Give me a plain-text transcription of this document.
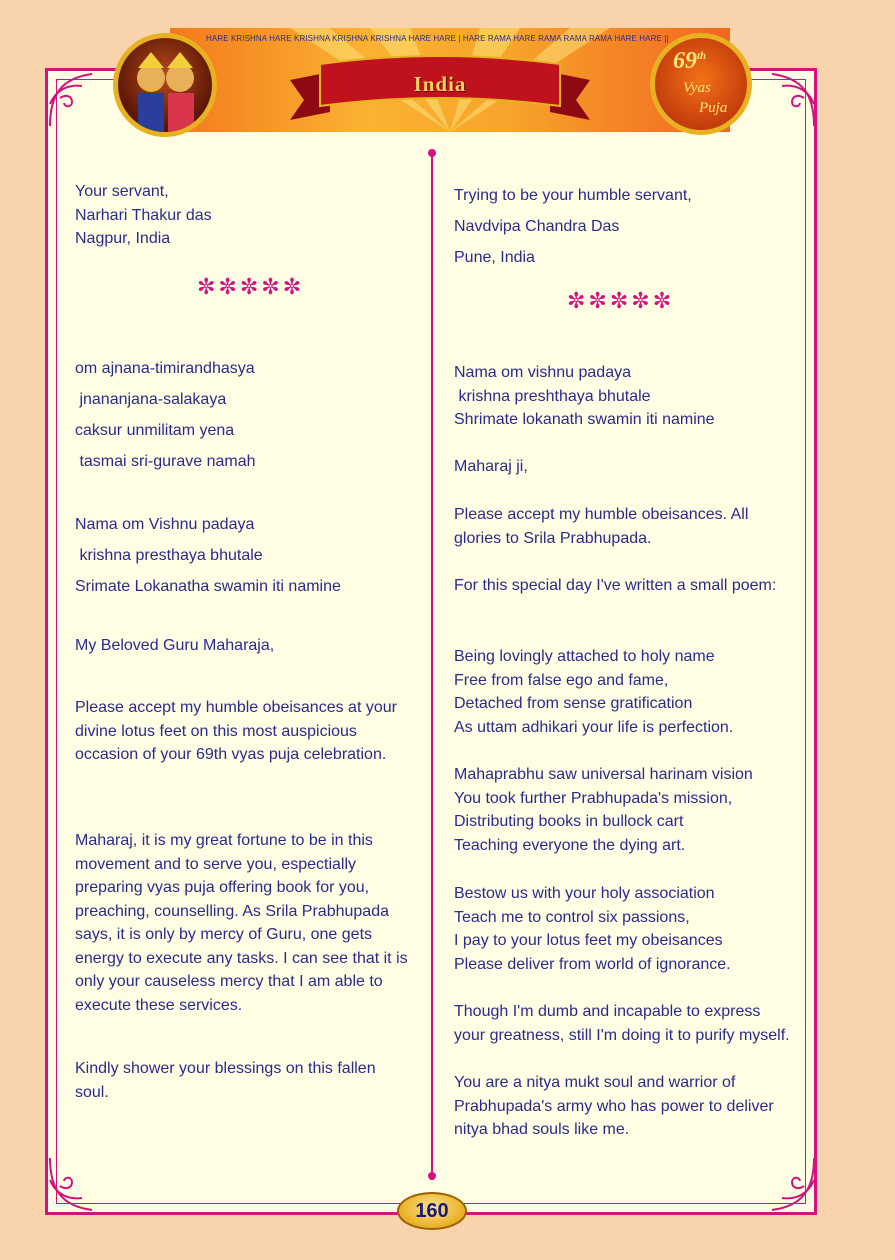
HARE KRISHNA HARE KRISHNA KRISHNA KRISHNA HARE HARE | HARE RAMA HARE RAMA RAMA RAMA HARE HARE ||
India
69th
Vyas
Puja

Your servant,

Narhari Thakur das

Nagpur, India

✼✼✼✼✼

om ajnana-timirandhasya

jnananjana-salakaya

caksur unmilitam yena

tasmai sri-gurave namah

Nama om Vishnu padaya

krishna presthaya bhutale

Srimate Lokanatha swamin iti namine

My Beloved Guru Maharaja,
Please accept my humble obeisances at your divine lotus feet on this most auspicious occasion of your 69th vyas puja celebration.
Maharaj, it is my great fortune to be in this movement and to serve you, espectially preparing vyas puja offering book for you, preaching, counselling. As Srila Prabhupada says, it is only by mercy of Guru, one gets energy to execute any tasks. I can see that it is only your causeless mercy that I am able to execute these services.
Kindly shower your blessings on this fallen soul.

Trying to be your humble servant,

Navdvipa Chandra Das

Pune, India

✼✼✼✼✼

Nama om vishnu padaya

krishna preshthaya bhutale

Shrimate lokanath swamin iti namine

Maharaj ji,
Please accept my humble obeisances. All glories to Srila Prabhupada.
For this special day I've written a small poem:

Being lovingly attached to holy name

Free from false ego and fame,

Detached from sense gratification

As uttam adhikari your life is perfection.

Mahaprabhu saw universal harinam vision

You took further Prabhupada's mission,

Distributing books in bullock cart

Teaching everyone the dying art.

Bestow us with your holy association

Teach me to control six passions,

I pay to your lotus feet my obeisances

Please deliver from world of ignorance.

Though I'm dumb and incapable to express your greatness, still I'm doing it to purify myself.
You are a nitya mukt soul and warrior of Prabhupada's army who has power to deliver nitya bhad souls like me.
160
